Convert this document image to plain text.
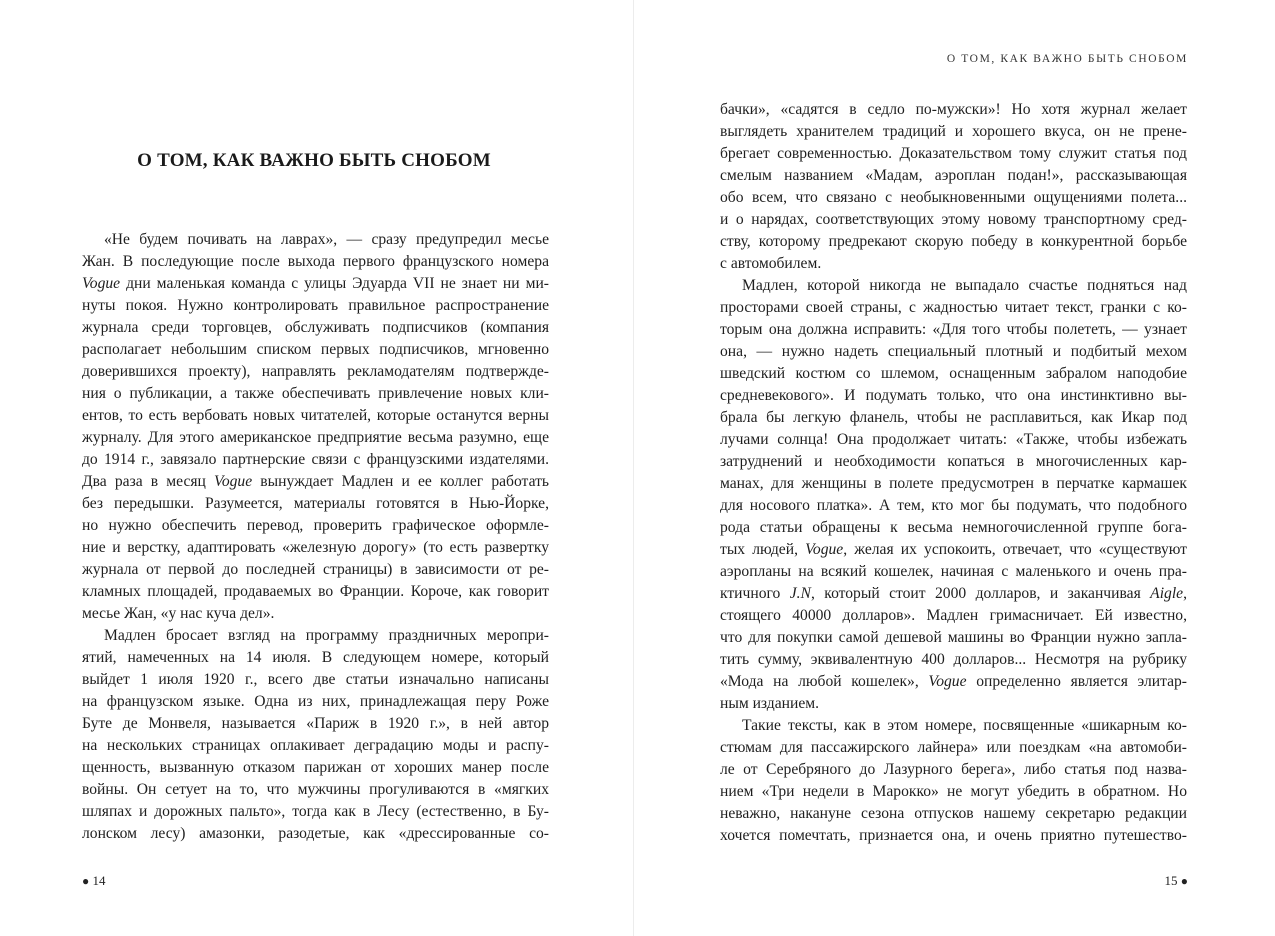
О ТОМ, КАК ВАЖНО БЫТЬ СНОБОМ
«Не будем почивать на лаврах», — сразу предупредил месье
Жан. В последующие после выхода первого французского номера
Vogue дни маленькая команда с улицы Эдуарда VII не знает ни ми-
нуты покоя. Нужно контролировать правильное распространение
журнала среди торговцев, обслуживать подписчиков (компания
располагает небольшим списком первых подписчиков, мгновенно
доверившихся проекту), направлять рекламодателям подтвержде-
ния о публикации, а также обеспечивать привлечение новых кли-
ентов, то есть вербовать новых читателей, которые останутся верны
журналу. Для этого американское предприятие весьма разумно, еще
до 1914 г., завязало партнерские связи с французскими издателями.
Два раза в месяц Vogue вынуждает Мадлен и ее коллег работать
без передышки. Разумеется, материалы готовятся в Нью-Йорке,
но нужно обеспечить перевод, проверить графическое оформле-
ние и верстку, адаптировать «железную дорогу» (то есть развертку
журнала от первой до последней страницы) в зависимости от ре-
кламных площадей, продаваемых во Франции. Короче, как говорит
месье Жан, «у нас куча дел».
Мадлен бросает взгляд на программу праздничных меропри-
ятий, намеченных на 14 июля. В следующем номере, который
выйдет 1 июля 1920 г., всего две статьи изначально написаны
на французском языке. Одна из них, принадлежащая перу Роже
Буте де Монвеля, называется «Париж в 1920 г.», в ней автор
на нескольких страницах оплакивает деградацию моды и распу-
щенность, вызванную отказом парижан от хороших манер после
войны. Он сетует на то, что мужчины прогуливаются в «мягких
шляпах и дорожных пальто», тогда как в Лесу (естественно, в Бу-
лонском лесу) амазонки, разодетые, как «дрессированные со-
● 14
О ТОМ, КАК ВАЖНО БЫТЬ СНОБОМ
бачки», «садятся в седло по-мужски»! Но хотя журнал желает
выглядеть хранителем традиций и хорошего вкуса, он не прене-
брегает современностью. Доказательством тому служит статья под
смелым названием «Мадам, аэроплан подан!», рассказывающая
обо всем, что связано с необыкновенными ощущениями полета...
и о нарядах, соответствующих этому новому транспортному сред-
ству, которому предрекают скорую победу в конкурентной борьбе
с автомобилем.
Мадлен, которой никогда не выпадало счастье подняться над
просторами своей страны, с жадностью читает текст, гранки с ко-
торым она должна исправить: «Для того чтобы полететь, — узнает
она, — нужно надеть специальный плотный и подбитый мехом
шведский костюм со шлемом, оснащенным забралом наподобие
средневекового». И подумать только, что она инстинктивно вы-
брала бы легкую фланель, чтобы не расплавиться, как Икар под
лучами солнца! Она продолжает читать: «Также, чтобы избежать
затруднений и необходимости копаться в многочисленных кар-
манах, для женщины в полете предусмотрен в перчатке кармашек
для носового платка». А тем, кто мог бы подумать, что подобного
рода статьи обращены к весьма немногочисленной группе бога-
тых людей, Vogue, желая их успокоить, отвечает, что «существуют
аэропланы на всякий кошелек, начиная с маленького и очень пра-
ктичного J.N, который стоит 2000 долларов, и заканчивая Aigle,
стоящего 40000 долларов». Мадлен гримасничает. Ей известно,
что для покупки самой дешевой машины во Франции нужно запла-
тить сумму, эквивалентную 400 долларов... Несмотря на рубрику
«Мода на любой кошелек», Vogue определенно является элитар-
ным изданием.
Такие тексты, как в этом номере, посвященные «шикарным ко-
стюмам для пассажирского лайнера» или поездкам «на автомоби-
ле от Серебряного до Лазурного берега», либо статья под назва-
нием «Три недели в Марокко» не могут убедить в обратном. Но
неважно, накануне сезона отпусков нашему секретарю редакции
хочется помечтать, признается она, и очень приятно путешество-
15 ●
